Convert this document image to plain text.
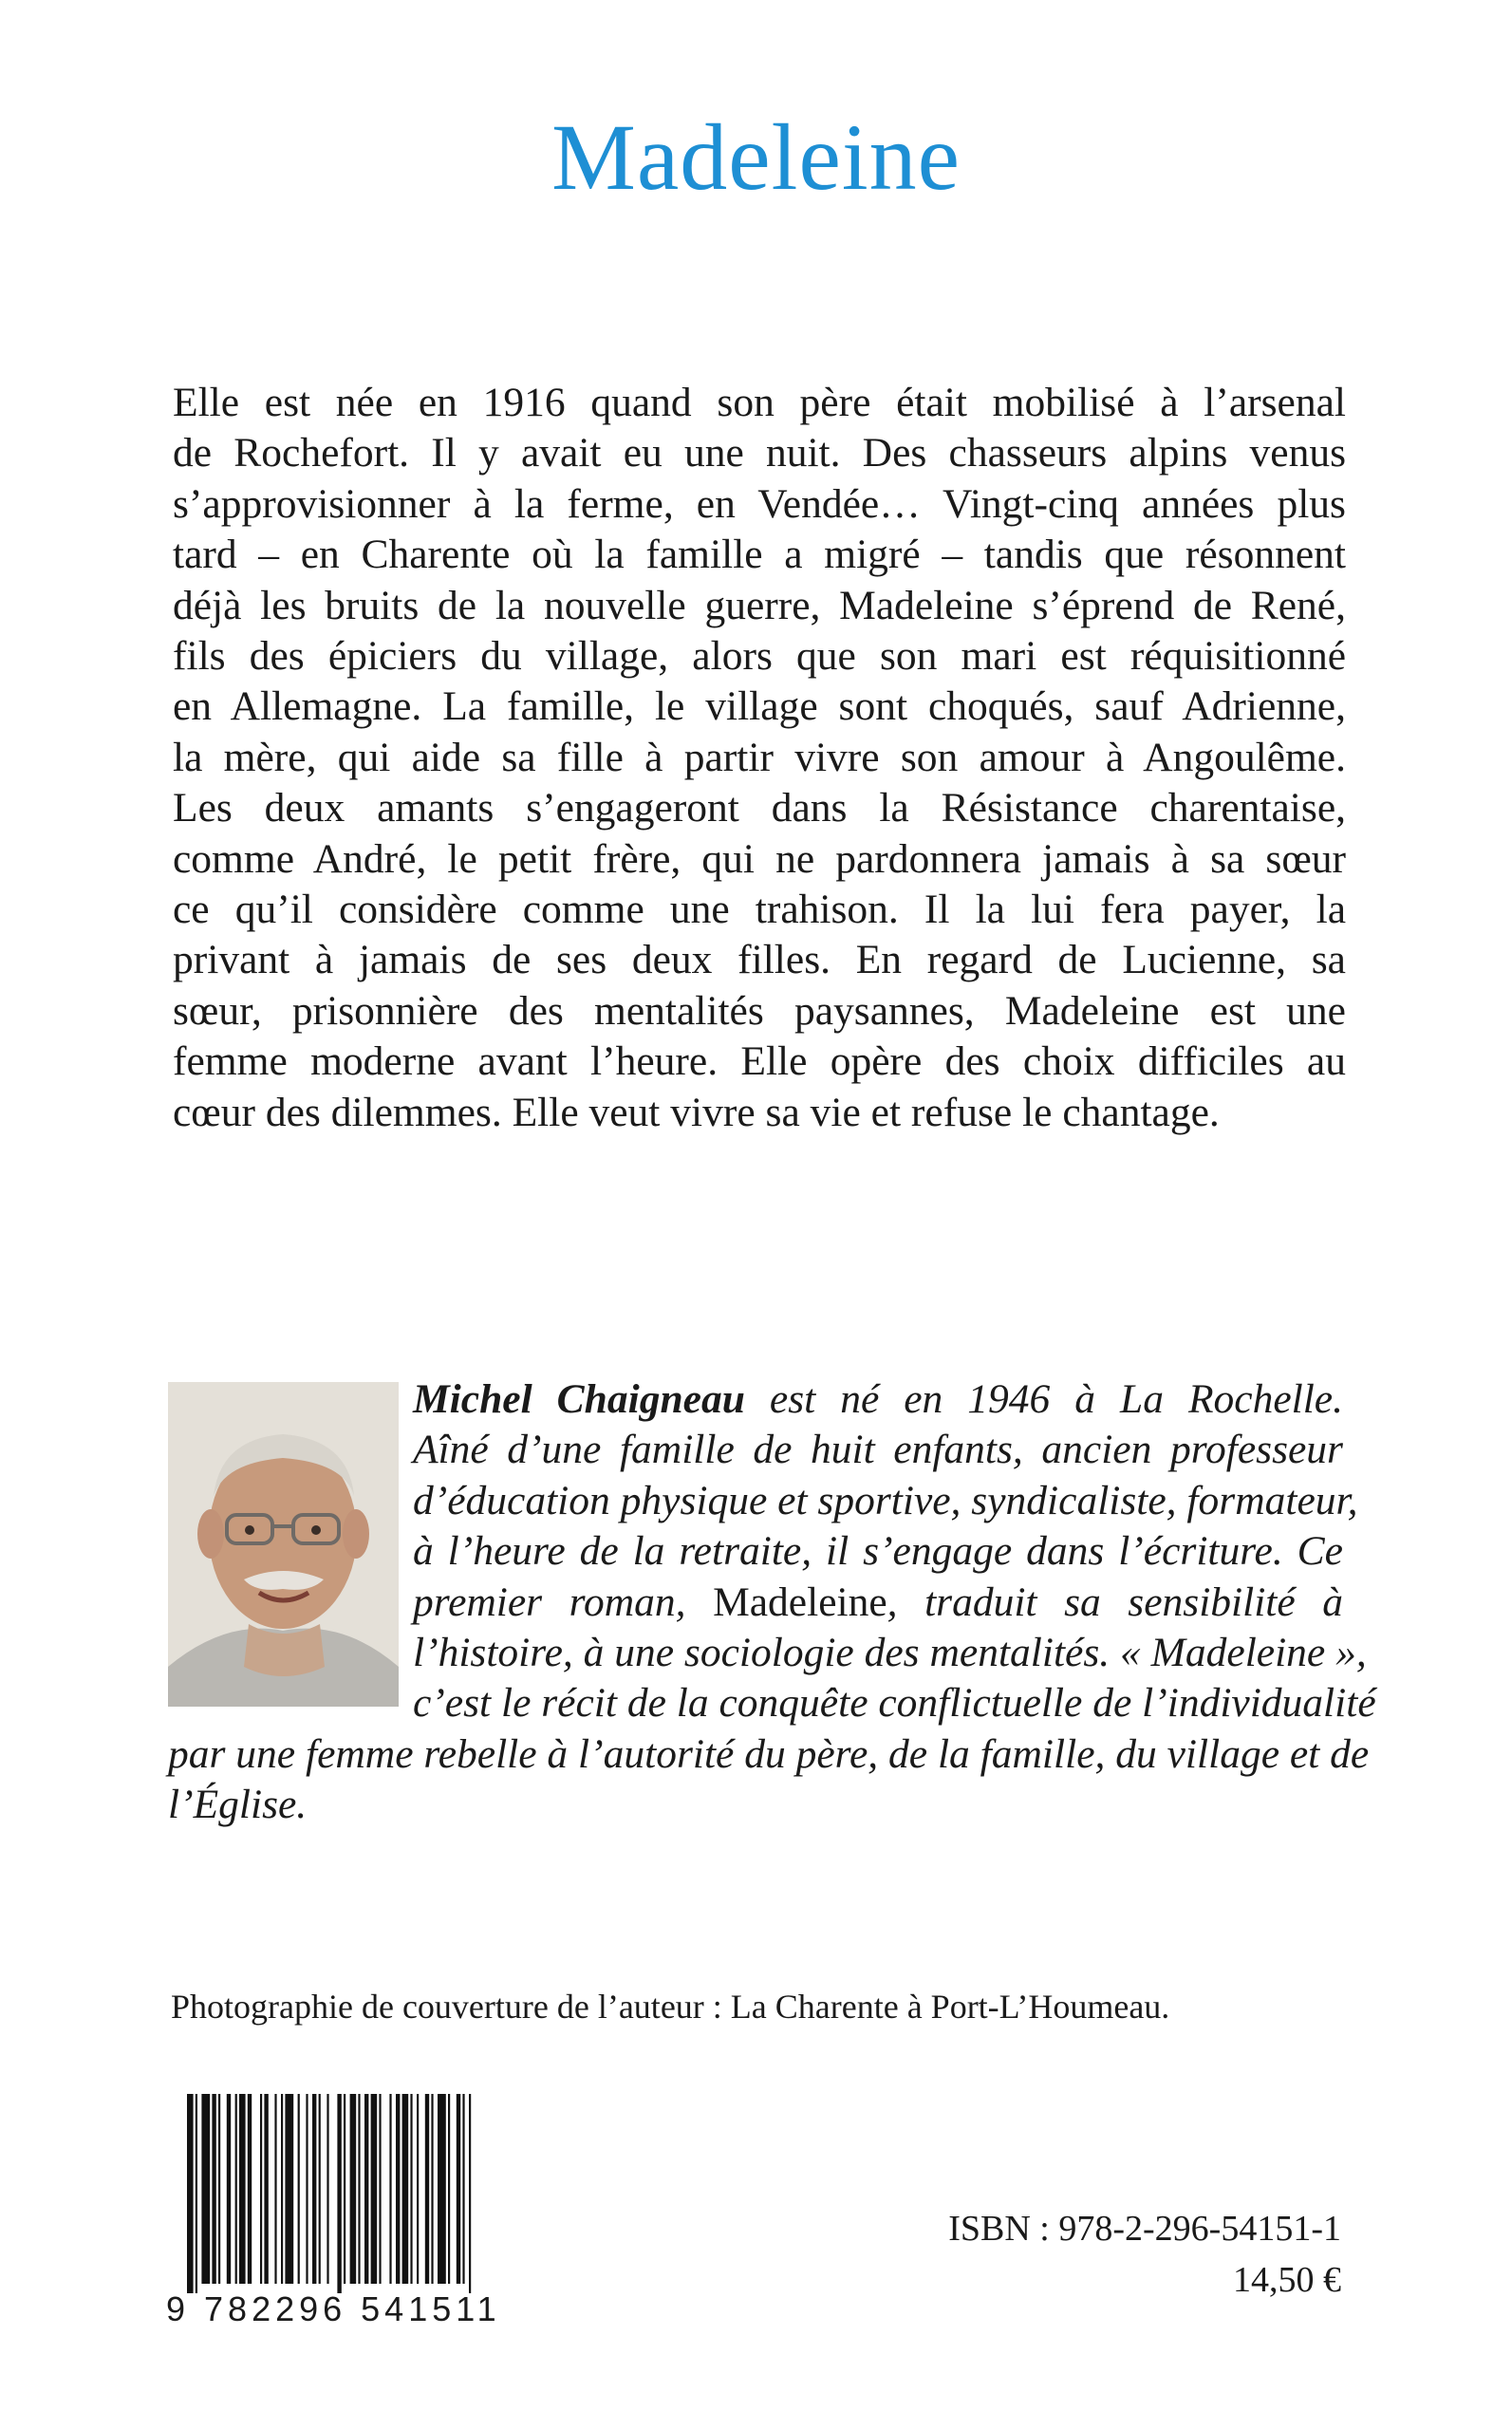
Madeleine
Elle est née en 1916 quand son père était mobilisé à l’arsenal
de Rochefort. Il y avait eu une nuit. Des chasseurs alpins venus
s’approvisionner à la ferme, en Vendée… Vingt-cinq années plus
tard – en Charente où la famille a migré – tandis que résonnent
déjà les bruits de la nouvelle guerre, Madeleine s’éprend de René,
fils des épiciers du village, alors que son mari est réquisitionné
en Allemagne. La famille, le village sont choqués, sauf Adrienne,
la mère, qui aide sa fille à partir vivre son amour à Angoulême.
Les deux amants s’engageront dans la Résistance charentaise,
comme André, le petit frère, qui ne pardonnera jamais à sa sœur
ce qu’il considère comme une trahison. Il la lui fera payer, la
privant à jamais de ses deux filles. En regard de Lucienne, sa
sœur, prisonnière des mentalités paysannes, Madeleine est une
femme moderne avant l’heure. Elle opère des choix difficiles au
cœur des dilemmes. Elle veut vivre sa vie et refuse le chantage.
Michel Chaigneau est né en 1946 à La Rochelle.
Aîné d’une famille de huit enfants, ancien professeur
d’éducation physique et sportive, syndicaliste, formateur,
à l’heure de la retraite, il s’engage dans l’écriture. Ce
premier roman, Madeleine, traduit sa sensibilité à
l’histoire, à une sociologie des mentalités. « Madeleine »,
c’est le récit de la conquête conflictuelle de l’individualité
par une femme rebelle à l’autorité du père, de la famille, du village et de
l’Église.

Photographie de couverture de l’auteur : La Charente à Port-L’Houmeau.

9 782296 541511

ISBN : 978-2-296-54151-1

14,50 €
